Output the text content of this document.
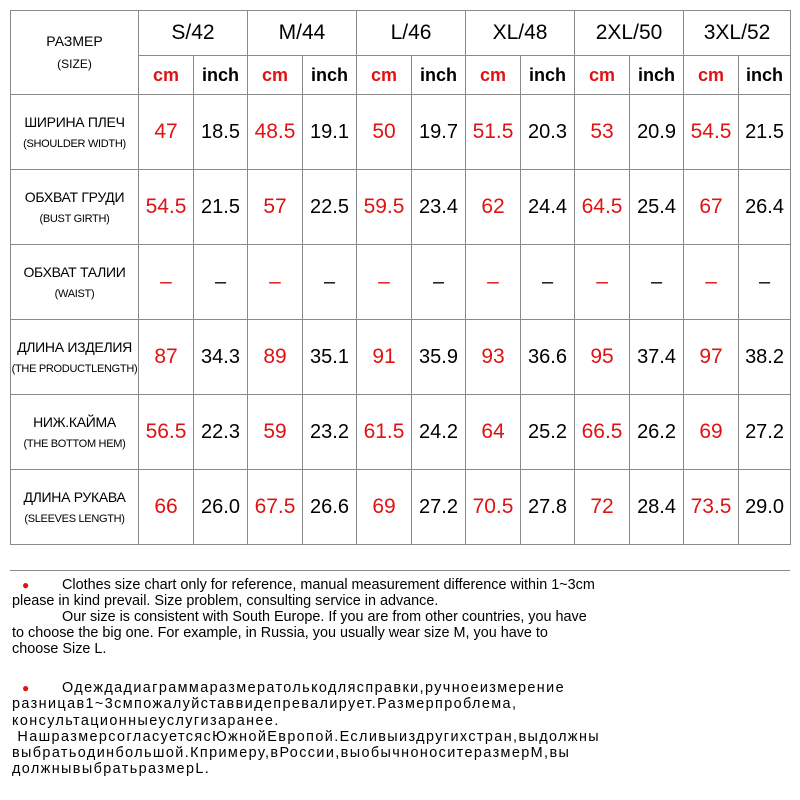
РАЗМЕР
(SIZE)	S/42		M/44		L/46		XL/48		2XL/50		3XL/52	
	cm	inch	cm	inch	cm	inch	cm	inch	cm	inch	cm	inch

ШИРИНА ПЛЕЧ
(SHOULDER WIDTH)	47	18.5	48.5	19.1	50	19.7	51.5	20.3	53	20.9	54.5	21.5

ОБХВАТ ГРУДИ
(BUST GIRTH)	54.5	21.5	57	22.5	59.5	23.4	62	24.4	64.5	25.4	67	26.4

ОБХВАТ ТАЛИИ
(WAIST)	–	–	–	–	–	–	–	–	–	–	–	–

ДЛИНА ИЗДЕЛИЯ
(THE PRODUCTLENGTH)	87	34.3	89	35.1	91	35.9	93	36.6	95	37.4	97	38.2

НИЖ.КАЙМА
(THE BOTTOM HEM)	56.5	22.3	59	23.2	61.5	24.2	64	25.2	66.5	26.2	69	27.2

ДЛИНА РУКАВА
(SLEEVES LENGTH)	66	26.0	67.5	26.6	69	27.2	70.5	27.8	72	28.4	73.5	29.0

● Clothes size chart only for reference, manual measurement difference within 1~3cm

please in kind prevail. Size problem, consulting service in advance.

Our size is consistent with South Europe. If you are from other countries, you have

to choose the big one. For example, in Russia, you usually wear size M, you have to

choose Size L.

● Одеждадиаграммаразмератолькодляcправки,ручноеизмерение

разницав1~3смпожалуйставвидепревалирует.Размерпроблема,

консультационныеуслугизаранее.

НашразмерсогласуетсясЮжнойЕвропой.Есливыиздругихстран,выдолжны

выбратьодинбольшой.Кпримеру,вРоссии,выобычноноситеразмерM,вы

должнывыбратьразмерL.
